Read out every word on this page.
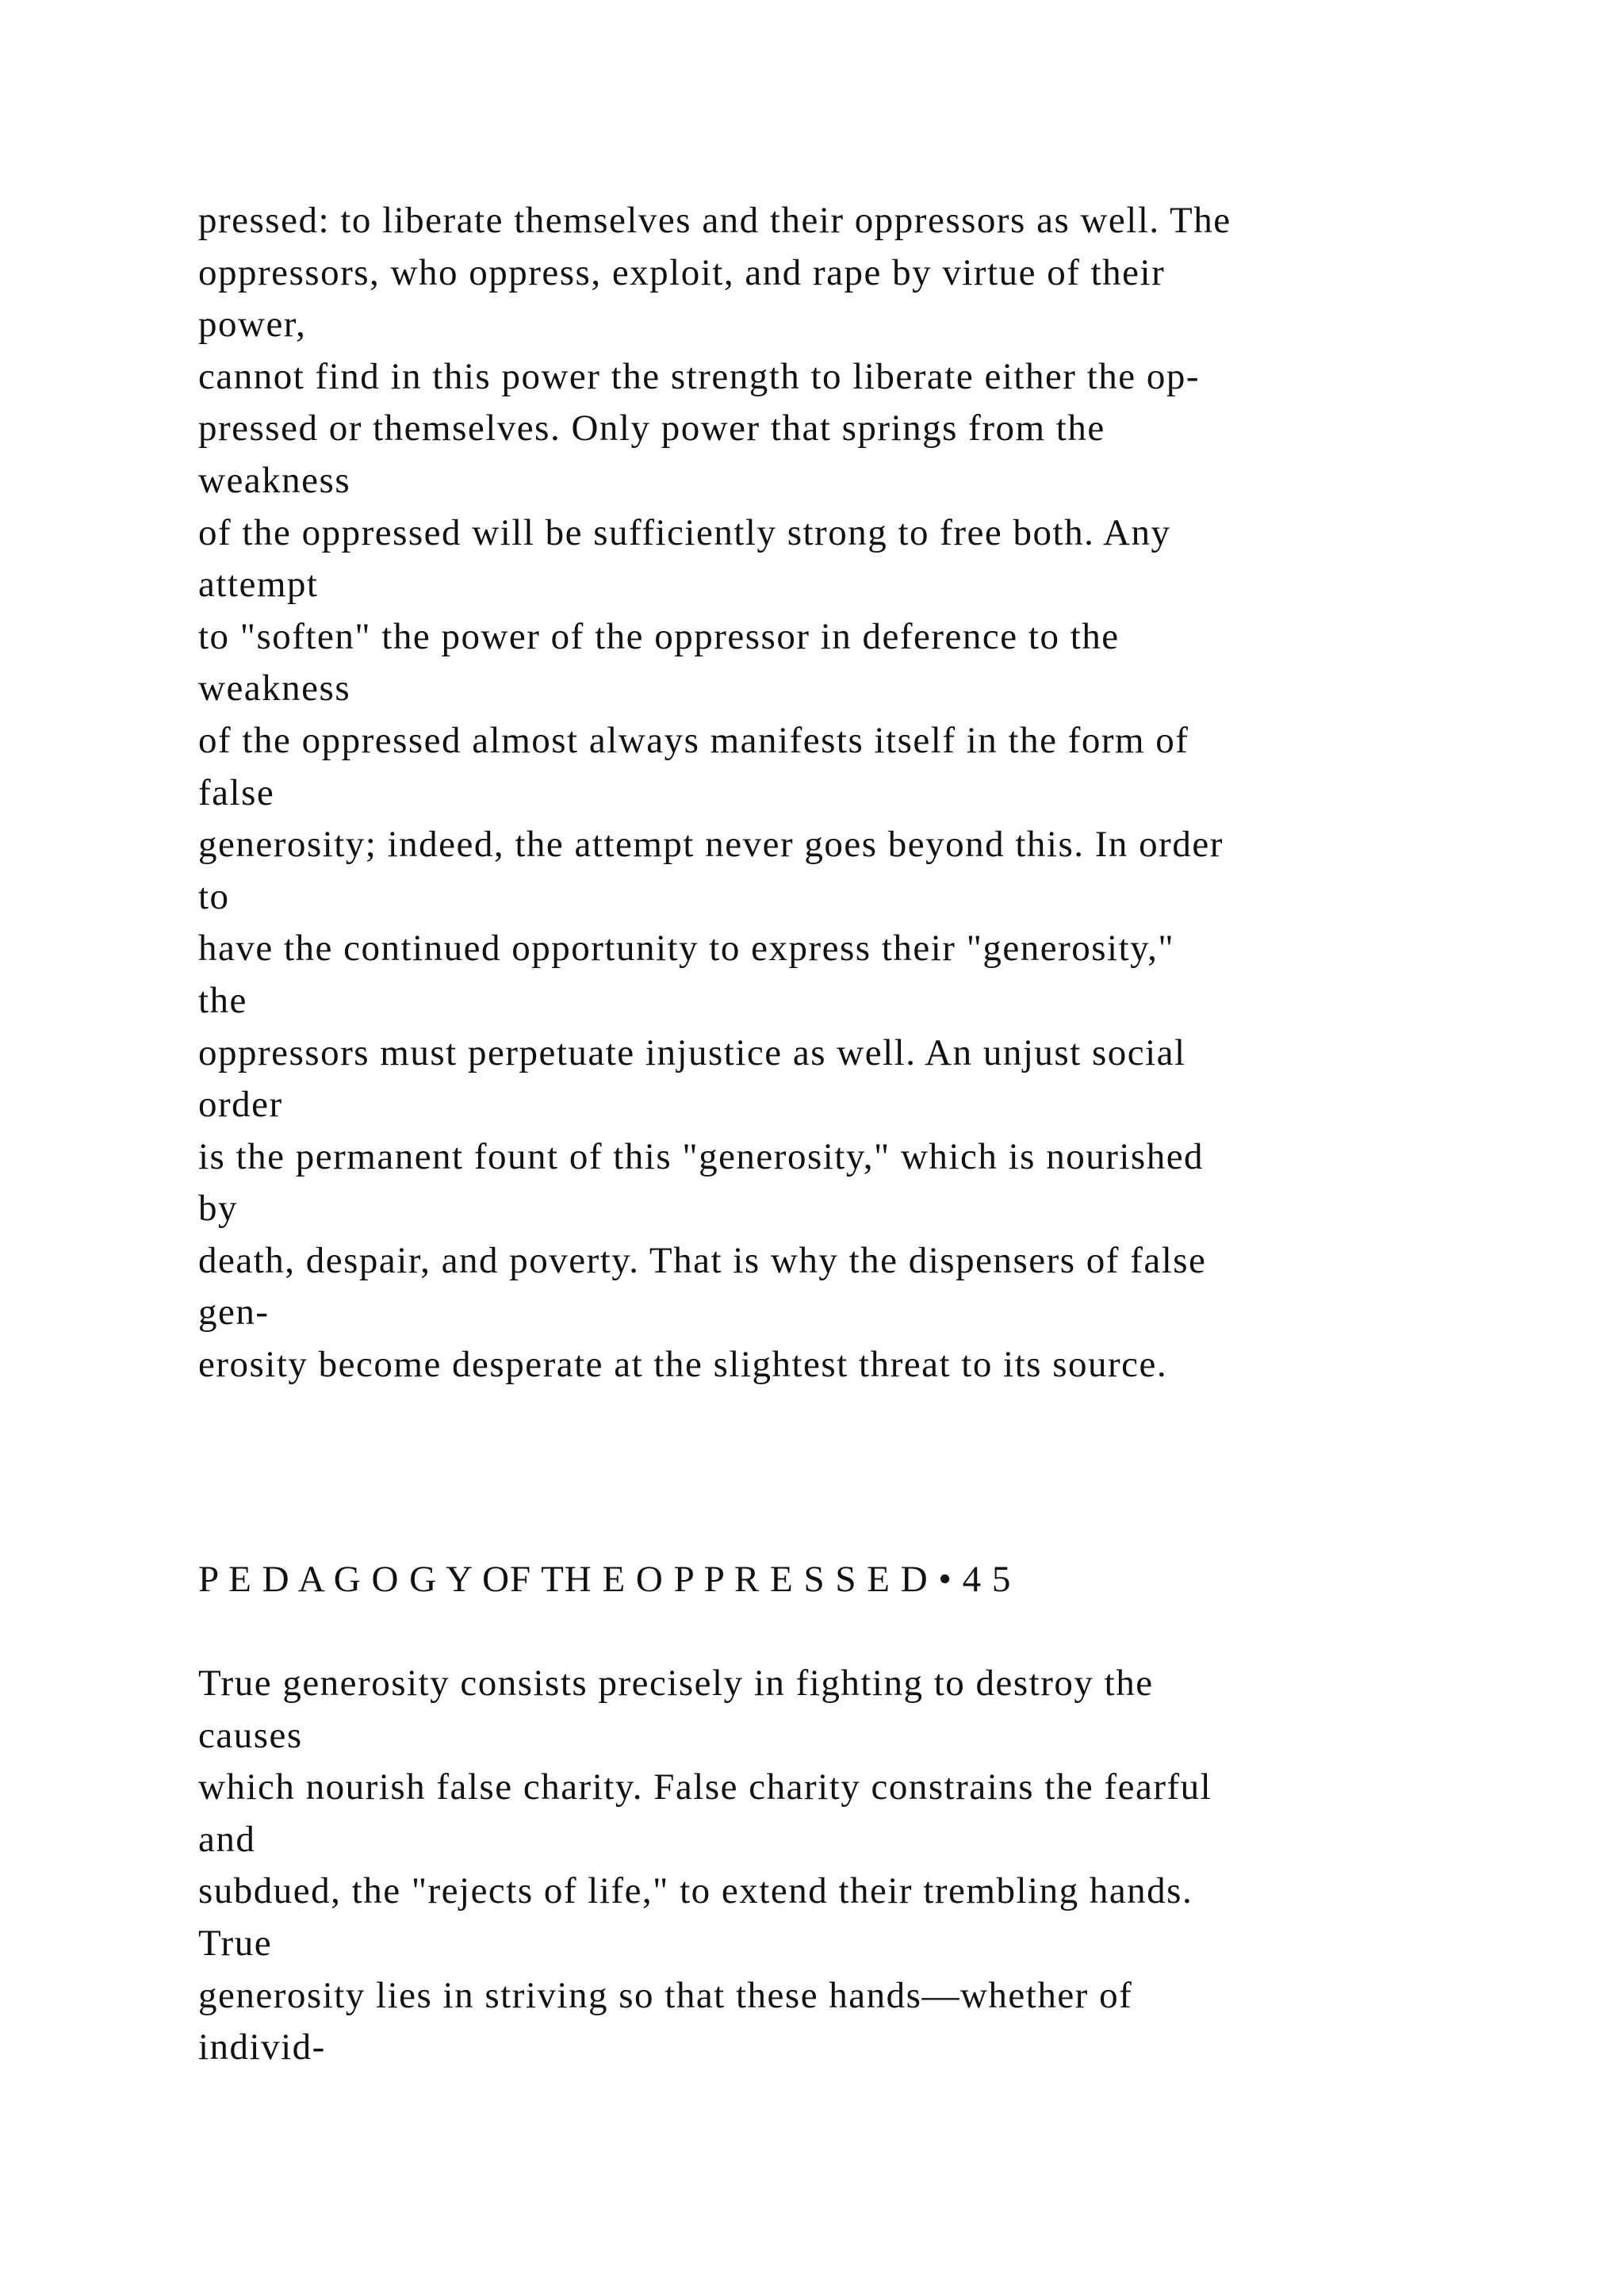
pressed: to liberate themselves and their oppressors as well. The
oppressors, who oppress, exploit, and rape by virtue of their
power,
cannot find in this power the strength to liberate either the op-
pressed or themselves. Only power that springs from the
weakness
of the oppressed will be sufficiently strong to free both. Any
attempt
to "soften" the power of the oppressor in deference to the
weakness
of the oppressed almost always manifests itself in the form of
false
generosity; indeed, the attempt never goes beyond this. In order
to
have the continued opportunity to express their "generosity,"
the
oppressors must perpetuate injustice as well. An unjust social
order
is the permanent fount of this "generosity," which is nourished
by
death, despair, and poverty. That is why the dispensers of false
gen-
erosity become desperate at the slightest threat to its source.
P E D A G O G Y OF TH E O P P R E S S E D • 4 5
True generosity consists precisely in fighting to destroy the
causes
which nourish false charity. False charity constrains the fearful
and
subdued, the "rejects of life," to extend their trembling hands.
True
generosity lies in striving so that these hands—whether of
individ-
